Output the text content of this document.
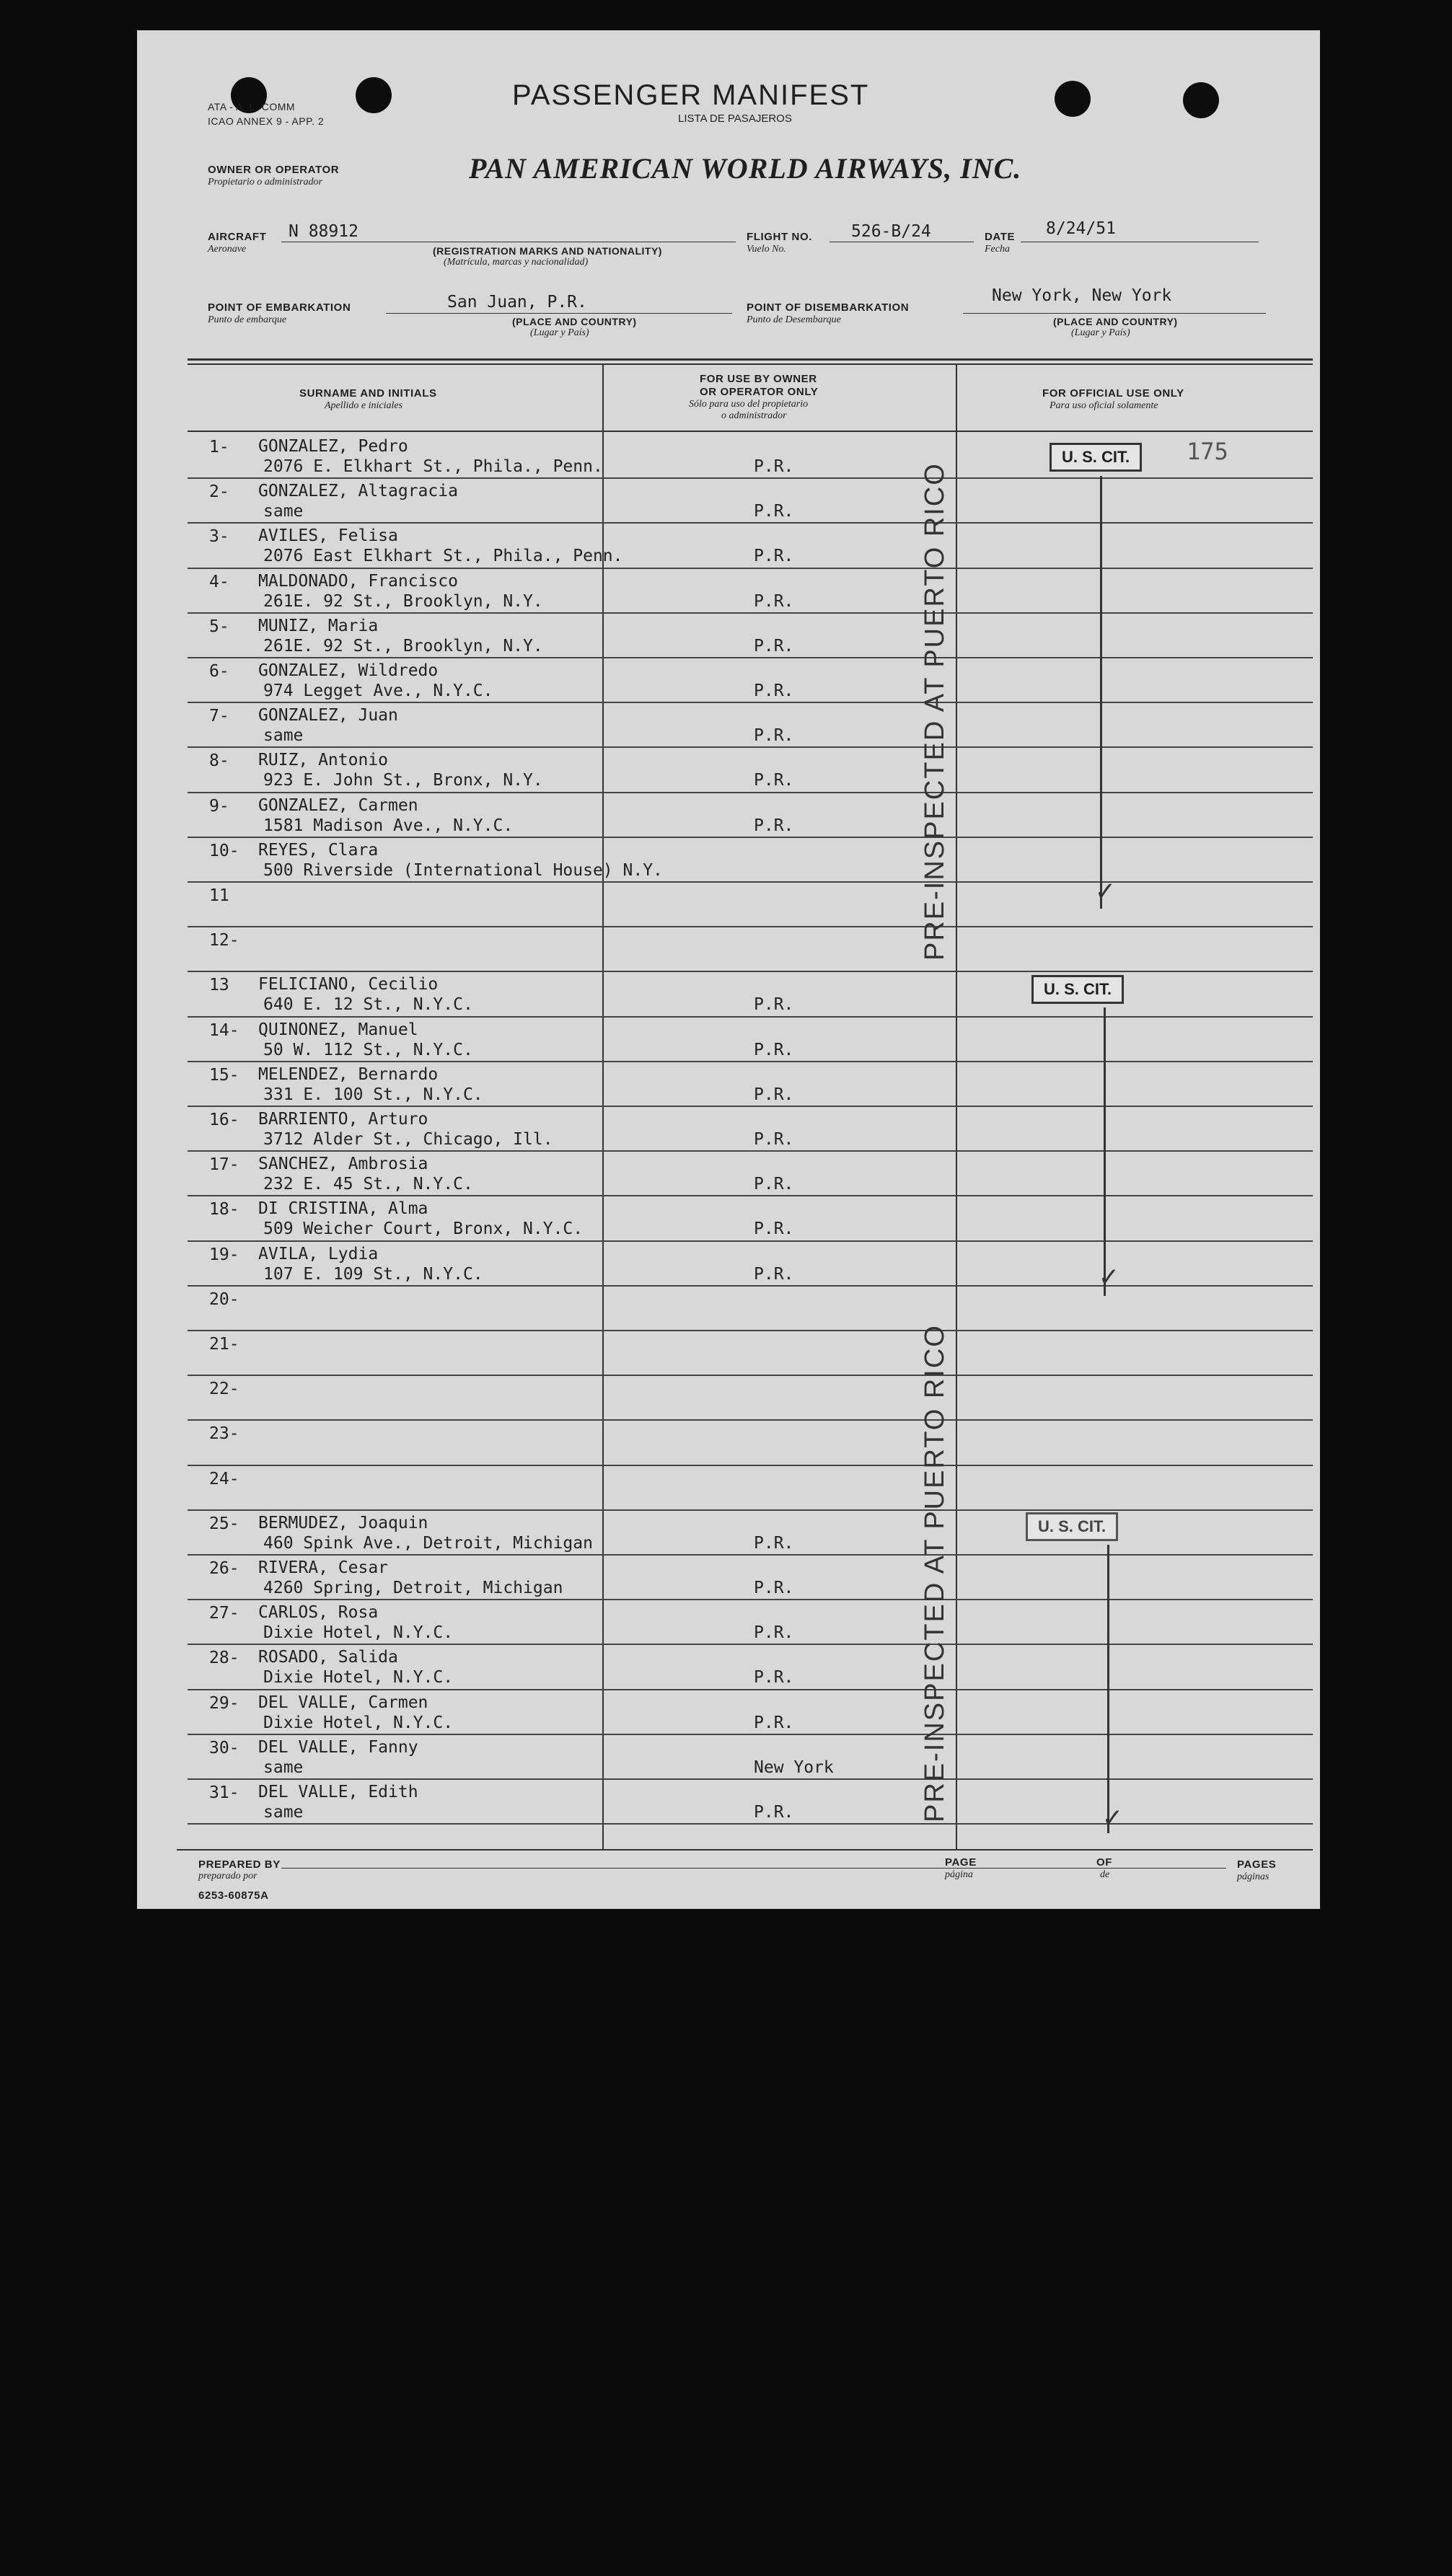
ATA - A. L. COMM
ICAO ANNEX 9 - APP. 2
PASSENGER MANIFEST
LISTA DE PASAJEROS
OWNER OR OPERATOR
Propietario o administrador	PAN AMERICAN WORLD AIRWAYS, INC.
AIRCRAFT
Aeronave
N 88912
(REGISTRATION MARKS AND NATIONALITY)
(Matrícula, marcas y nacionalidad)
FLIGHT NO.
Vuelo No.
526-B/24	DATE
Fecha
8/24/51
POINT OF EMBARKATION
Punto de embarque
San Juan, P.R.
(PLACE AND COUNTRY)
(Lugar y País)
POINT OF DISEMBARKATION
Punto de Desembarque
New York, New York
(PLACE AND COUNTRY)
(Lugar y País)
SURNAME AND INITIALS
Apellido e iniciales
FOR USE BY OWNER
OR OPERATOR ONLY
Sólo para uso del propietario
o administrador
FOR OFFICIAL USE ONLY
Para uso oficial solamente
1- GONZALEZ, Pedro
2076 E. Elkhart St., Phila., Penn.	P.R.
2- GONZALEZ, Altagracia
same	P.R.
3- AVILES, Felisa
2076 East Elkhart St., Phila., Penn.	P.R.
4- MALDONADO, Francisco
261E. 92 St., Brooklyn, N.Y.	P.R.
5- MUNIZ, Maria
261E. 92 St., Brooklyn, N.Y.	P.R.
6- GONZALEZ, Wildredo
974 Legget Ave., N.Y.C.	P.R.
7- GONZALEZ, Juan
same	P.R.
8- RUIZ, Antonio
923 E. John St., Bronx, N.Y.	P.R.
9- GONZALEZ, Carmen
1581 Madison Ave., N.Y.C.	P.R.
10- REYES, Clara
500 Riverside (International House) N.Y.
11
12-
13 FELICIANO, Cecilio
640 E. 12 St., N.Y.C.	P.R.
14- QUINONEZ, Manuel
50 W. 112 St., N.Y.C.	P.R.
15- MELENDEZ, Bernardo
331 E. 100 St., N.Y.C.	P.R.
16- BARRIENTO, Arturo
3712 Alder St., Chicago, Ill.	P.R.
17- SANCHEZ, Ambrosia
232 E. 45 St., N.Y.C.	P.R.
18- DI CRISTINA, Alma
509 Weicher Court, Bronx, N.Y.C.	P.R.
19- AVILA, Lydia
107 E. 109 St., N.Y.C.	P.R.
20-
21-
22-
23-
24-
25- BERMUDEZ, Joaquin
460 Spink Ave., Detroit, Michigan	P.R.
26- RIVERA, Cesar
4260 Spring, Detroit, Michigan	P.R.
27- CARLOS, Rosa
Dixie Hotel, N.Y.C.	P.R.
28- ROSADO, Salida
Dixie Hotel, N.Y.C.	P.R.
29- DEL VALLE, Carmen
Dixie Hotel, N.Y.C.	P.R.
30- DEL VALLE, Fanny
same	New York
31- DEL VALLE, Edith
same	P.R.
PRE-INSPECTED AT PUERTO RICO
PRE-INSPECTED AT PUERTO RICO
U. S. CIT.	175
✓
U. S. CIT.
✓
U. S. CIT.
✓
PREPARED BY
preparado por
PAGE
página
OF
de
PAGES
páginas
6253-60875A
